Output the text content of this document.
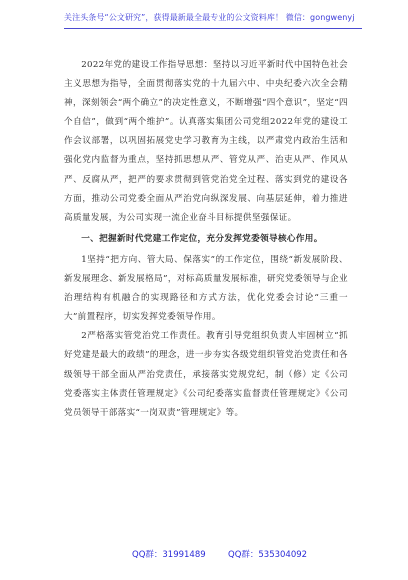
关注头条号“公文研究”，获得最新最全最专业的公文资料库！ 微信：gongwenyj

2022年党的建设工作指导思想：坚持以习近平新时代中国特色社会主义思想为指导，全面贯彻落实党的十九届六中、中央纪委六次全会精神，深刻领会“两个确立”的决定性意义，不断增强“四个意识”，坚定“四个自信”，做到“两个维护”。认真落实集团公司党组2022年党的建设工作会议部署，以巩固拓展党史学习教育为主线，以严肃党内政治生活和强化党内监督为重点，坚持抓思想从严、管党从严、治吏从严、作风从严、反腐从严，把严的要求贯彻到管党治党全过程、落实到党的建设各方面，推动公司党委全面从严治党向纵深发展、向基层延伸，着力推进高质量发展，为公司实现一流企业奋斗目标提供坚强保证。

一、把握新时代党建工作定位，充分发挥党委领导核心作用。

1坚持“把方向、管大局、保落实”的工作定位，围绕“新发展阶段、新发展理念、新发展格局”，对标高质量发展标准，研究党委领导与企业治理结构有机融合的实现路径和方式方法，优化党委会讨论“三重一大”前置程序，切实发挥党委领导作用。

2严格落实管党治党工作责任。教育引导党组织负责人牢固树立“抓好党建是最大的政绩”的理念，进一步夯实各级党组织管党治党责任和各级领导干部全面从严治党责任，承接落实党规党纪，制（修）定《公司党委落实主体责任管理规定》《公司纪委落实监督责任管理规定》《公司党员领导干部落实“一岗双责”管理规定》等。

QQ群：31991489	QQ群：535304092
